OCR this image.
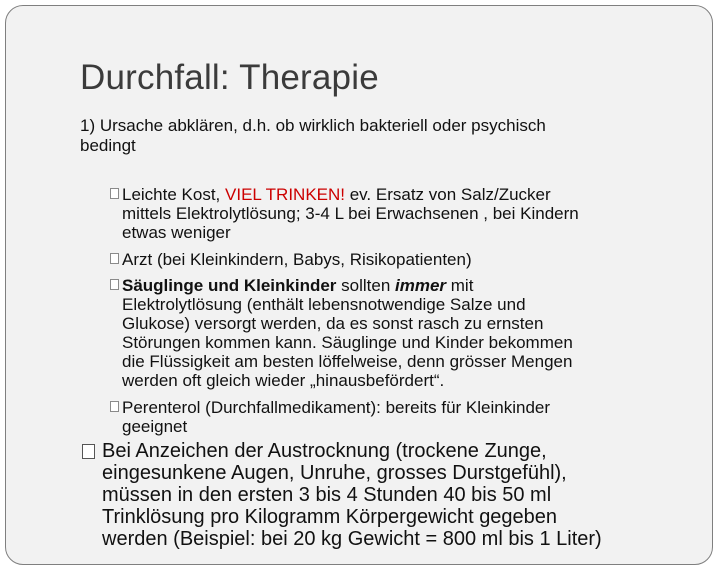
Durchfall: Therapie
1) Ursache abklären, d.h. ob wirklich bakteriell oder psychisch
bedingt
Leichte Kost, VIEL TRINKEN! ev. Ersatz von Salz/Zucker
mittels Elektrolytlösung; 3-4 L bei Erwachsenen , bei Kindern
etwas weniger
Arzt (bei Kleinkindern, Babys, Risikopatienten)
Säuglinge und Kleinkinder sollten immer mit
Elektrolytlösung (enthält lebensnotwendige Salze und
Glukose) versorgt werden, da es sonst rasch zu ernsten
Störungen kommen kann. Säuglinge und Kinder bekommen
die Flüssigkeit am besten löffelweise, denn grösser Mengen
werden oft gleich wieder „hinausbefördert“.
Perenterol (Durchfallmedikament): bereits für Kleinkinder
geeignet
Bei Anzeichen der Austrocknung (trockene Zunge,
eingesunkene Augen, Unruhe, grosses Durstgefühl),
müssen in den ersten 3 bis 4 Stunden 40 bis 50 ml
Trinklösung pro Kilogramm Körpergewicht gegeben
werden (Beispiel: bei 20 kg Gewicht = 800 ml bis 1 Liter)
